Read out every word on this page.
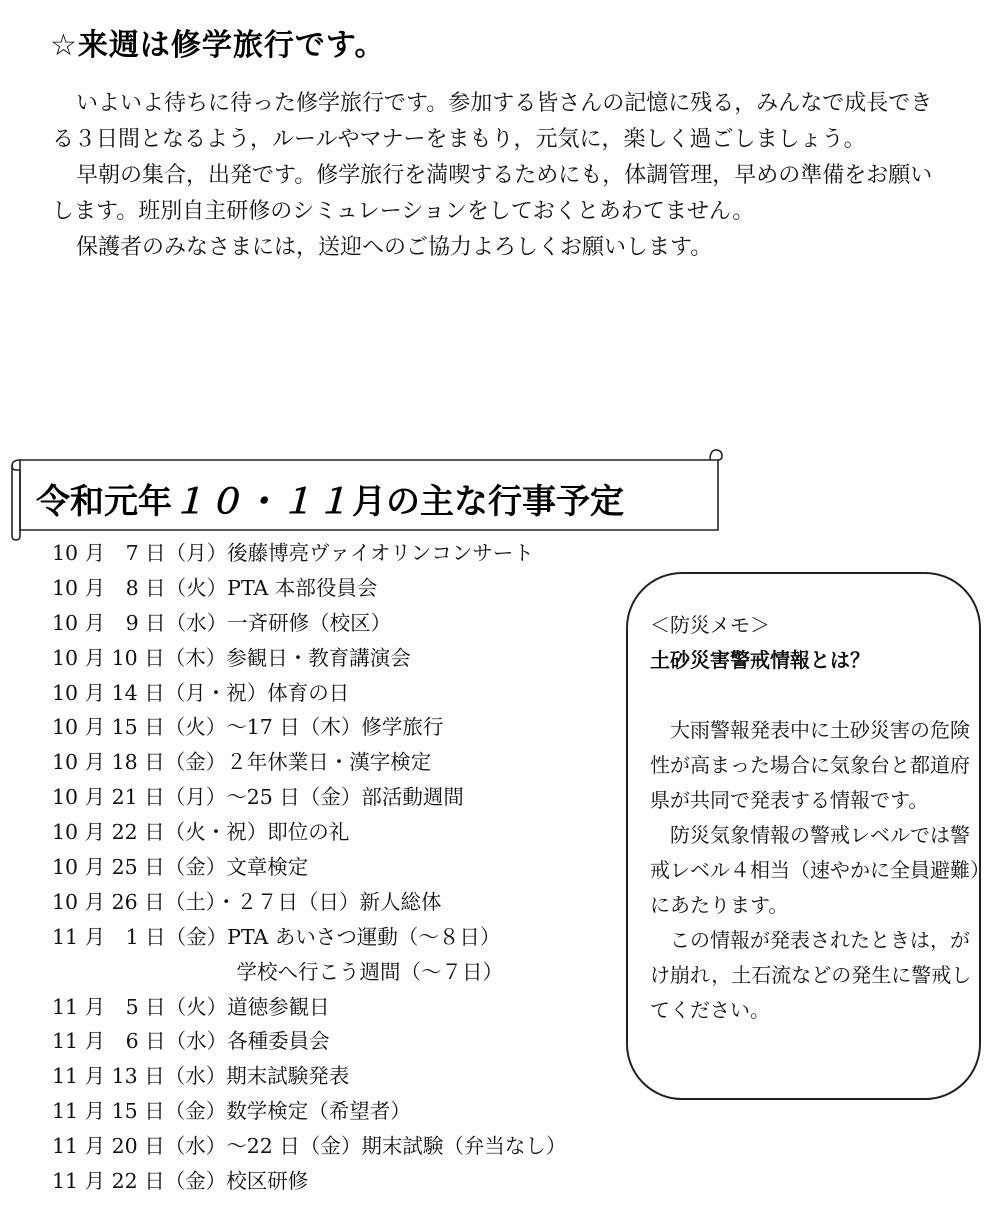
☆来週は修学旅行です。

いよいよ待ちに待った修学旅行です。参加する皆さんの記憶に残る，みんなで成長できる３日間となるよう，ルールやマナーをまもり，元気に，楽しく過ごしましょう。

早朝の集合，出発です。修学旅行を満喫するためにも，体調管理，早めの準備をお願いします。班別自主研修のシミュレーションをしておくとあわてません。

保護者のみなさまには，送迎へのご協力よろしくお願いします。

令和元年１０・１１月の主な行事予定
10 月　7 日（月）後藤博亮ヴァイオリンコンサート
10 月　8 日（火）PTA 本部役員会
10 月　9 日（水）一斉研修（校区）
10 月 10 日（木）参観日・教育講演会
10 月 14 日（月・祝）体育の日
10 月 15 日（火）～17 日（木）修学旅行
10 月 18 日（金）２年休業日・漢字検定
10 月 21 日（月）～25 日（金）部活動週間
10 月 22 日（火・祝）即位の礼
10 月 25 日（金）文章検定
10 月 26 日（土）・２７日（日）新人総体
11 月　1 日（金）PTA あいさつ運動（～８日）
　　　　　　　　　学校へ行こう週間（～７日）
11 月　5 日（火）道徳参観日
11 月　6 日（水）各種委員会
11 月 13 日（水）期末試験発表
11 月 15 日（金）数学検定（希望者）
11 月 20 日（水）～22 日（金）期末試験（弁当なし）
11 月 22 日（金）校区研修

＜防災メモ＞

土砂災害警戒情報とは？

大雨警報発表中に土砂災害の危険性が高まった場合に気象台と都道府県が共同で発表する情報です。

防災気象情報の警戒レベルでは警戒レベル４相当（速やかに全員避難）にあたります。

この情報が発表されたときは，がけ崩れ，土石流などの発生に警戒してください。
